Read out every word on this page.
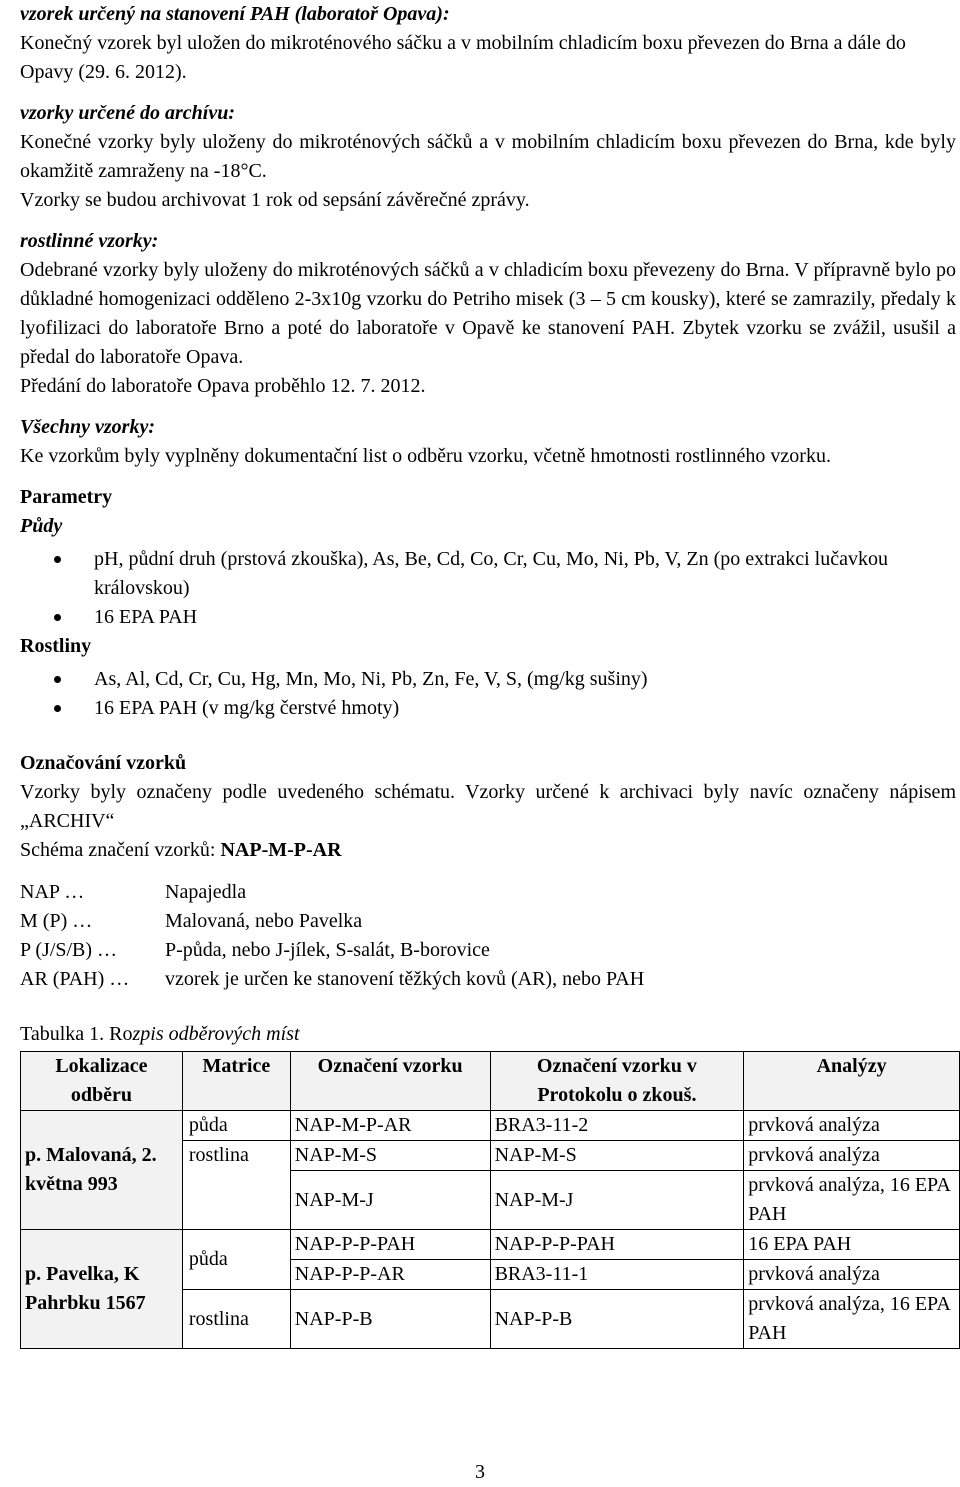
vzorek určený na stanovení PAH (laboratoř Opava):
Konečný vzorek byl uložen do mikroténového sáčku a v mobilním chladicím boxu převezen do Brna a dále do Opavy (29. 6. 2012).

vzorky určené do archívu:
Konečné vzorky byly uloženy do mikroténových sáčků a v mobilním chladicím boxu převezen do Brna, kde byly okamžitě zamraženy na -18°C.
Vzorky se budou archivovat 1 rok od sepsání závěrečné zprávy.

rostlinné vzorky:
Odebrané vzorky byly uloženy do mikroténových sáčků a v chladicím boxu převezeny do Brna. V přípravně bylo po důkladné homogenizaci odděleno 2-3x10g vzorku do Petriho misek (3 – 5 cm kousky), které se zamrazily, předaly k lyofilizaci do laboratoře Brno a poté do laboratoře v Opavě ke stanovení PAH. Zbytek vzorku se zvážil, usušil a předal do laboratoře Opava.
Předání do laboratoře Opava proběhlo 12. 7. 2012.

Všechny vzorky:
Ke vzorkům byly vyplněny dokumentační list o odběru vzorku, včetně hmotnosti rostlinného vzorku.

Parametry
Půdy
pH, půdní druh (prstová zkouška), As, Be, Cd, Co, Cr, Cu, Mo, Ni, Pb, V, Zn (po extrakci lučavkou královskou)
16 EPA PAH
Rostliny
As, Al, Cd, Cr, Cu, Hg, Mn, Mo, Ni, Pb, Zn, Fe, V, S, (mg/kg sušiny)
16 EPA PAH (v mg/kg čerstvé hmoty)
Označování vzorků
Vzorky byly označeny podle uvedeného schématu. Vzorky určené k archivaci byly navíc označeny nápisem „ARCHIV“
Schéma značení vzorků: NAP-M-P-AR
NAP …	Napajedla
M (P) …	Malovaná, nebo Pavelka
P (J/S/B) …	P-půda, nebo J-jílek, S-salát, B-borovice
AR (PAH) …	vzorek je určen ke stanovení těžkých kovů (AR), nebo PAH
Tabulka 1. Rozpis odběrových míst
Lokalizace odběru	Matrice	Označení vzorku	Označení vzorku v Protokolu o zkouš.	Analýzy
p. Malovaná, 2. května 993	půda	NAP-M-P-AR	BRA3-11-2	prvková analýza
	rostlina	NAP-M-S	NAP-M-S	prvková analýza
		NAP-M-J	NAP-M-J	prvková analýza, 16 EPA PAH
p. Pavelka, K Pahrbku 1567	půda	NAP-P-P-PAH	NAP-P-P-PAH	16 EPA PAH
		NAP-P-P-AR	BRA3-11-1	prvková analýza
	rostlina	NAP-P-B	NAP-P-B	prvková analýza, 16 EPA PAH
3
